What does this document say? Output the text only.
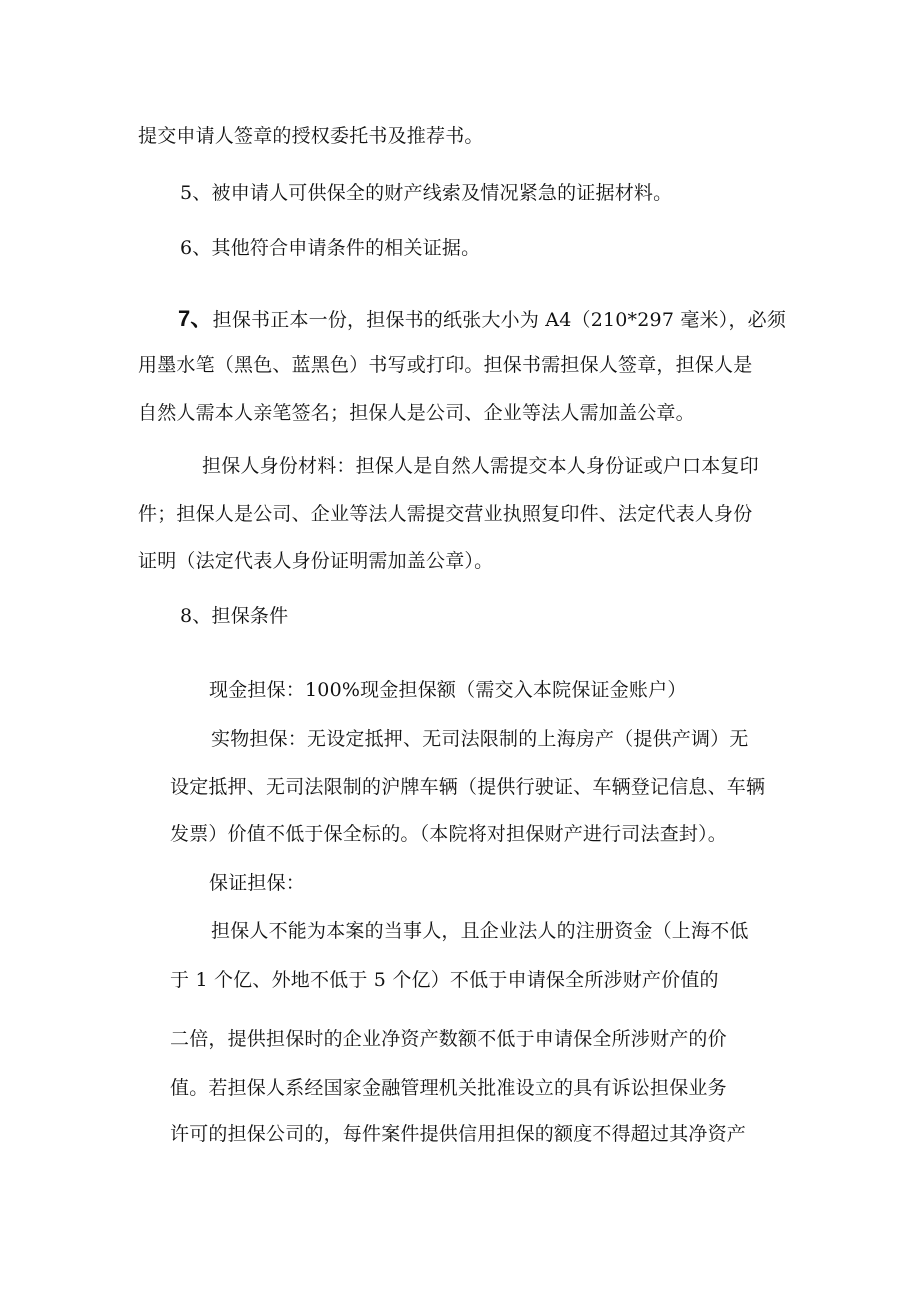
提交申请人签章的授权委托书及推荐书。
5、被申请人可供保全的财产线索及情况紧急的证据材料。
6、其他符合申请条件的相关证据。
7、担保书正本一份，担保书的纸张大小为 A4（210*297 毫米），必须
用墨水笔（黑色、蓝黑色）书写或打印。担保书需担保人签章，担保人是
自然人需本人亲笔签名；担保人是公司、企业等法人需加盖公章。
担保人身份材料：担保人是自然人需提交本人身份证或户口本复印
件；担保人是公司、企业等法人需提交营业执照复印件、法定代表人身份
证明（法定代表人身份证明需加盖公章）。
8、担保条件
现金担保：100%现金担保额（需交入本院保证金账户）
实物担保：无设定抵押、无司法限制的上海房产（提供产调）无
设定抵押、无司法限制的沪牌车辆（提供行驶证、车辆登记信息、车辆
发票）价值不低于保全标的。（本院将对担保财产进行司法查封）。
保证担保：
担保人不能为本案的当事人，且企业法人的注册资金（上海不低
于 1 个亿、外地不低于 5 个亿）不低于申请保全所涉财产价值的
二倍，提供担保时的企业净资产数额不低于申请保全所涉财产的价
值。若担保人系经国家金融管理机关批准设立的具有诉讼担保业务
许可的担保公司的，每件案件提供信用担保的额度不得超过其净资产
